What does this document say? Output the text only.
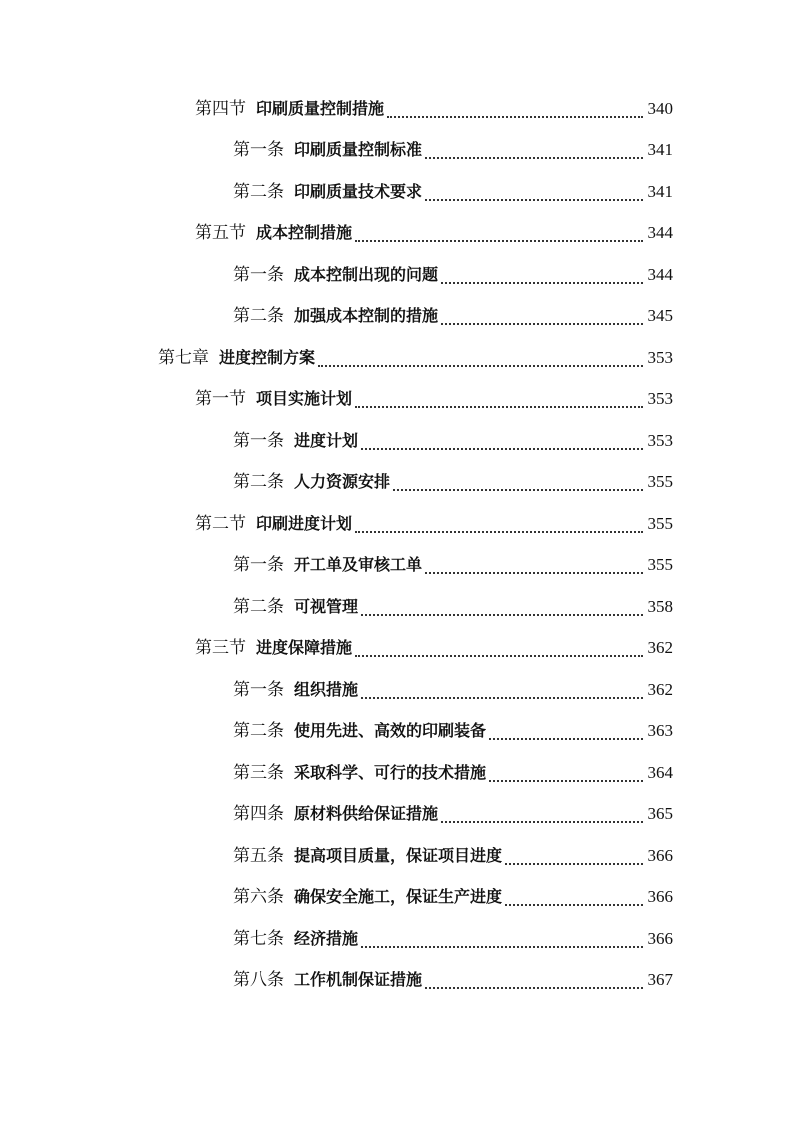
第四节 印刷质量控制措施	340
第一条 印刷质量控制标准	341
第二条 印刷质量技术要求	341
第五节 成本控制措施	344
第一条 成本控制出现的问题	344
第二条 加强成本控制的措施	345
第七章 进度控制方案	353
第一节 项目实施计划	353
第一条 进度计划	353
第二条 人力资源安排	355
第二节 印刷进度计划	355
第一条 开工单及审核工单	355
第二条 可视管理	358
第三节 进度保障措施	362
第一条 组织措施	362
第二条 使用先进、高效的印刷装备	363
第三条 采取科学、可行的技术措施	364
第四条 原材料供给保证措施	365
第五条 提高项目质量，保证项目进度	366
第六条 确保安全施工，保证生产进度	366
第七条 经济措施	366
第八条 工作机制保证措施	367
